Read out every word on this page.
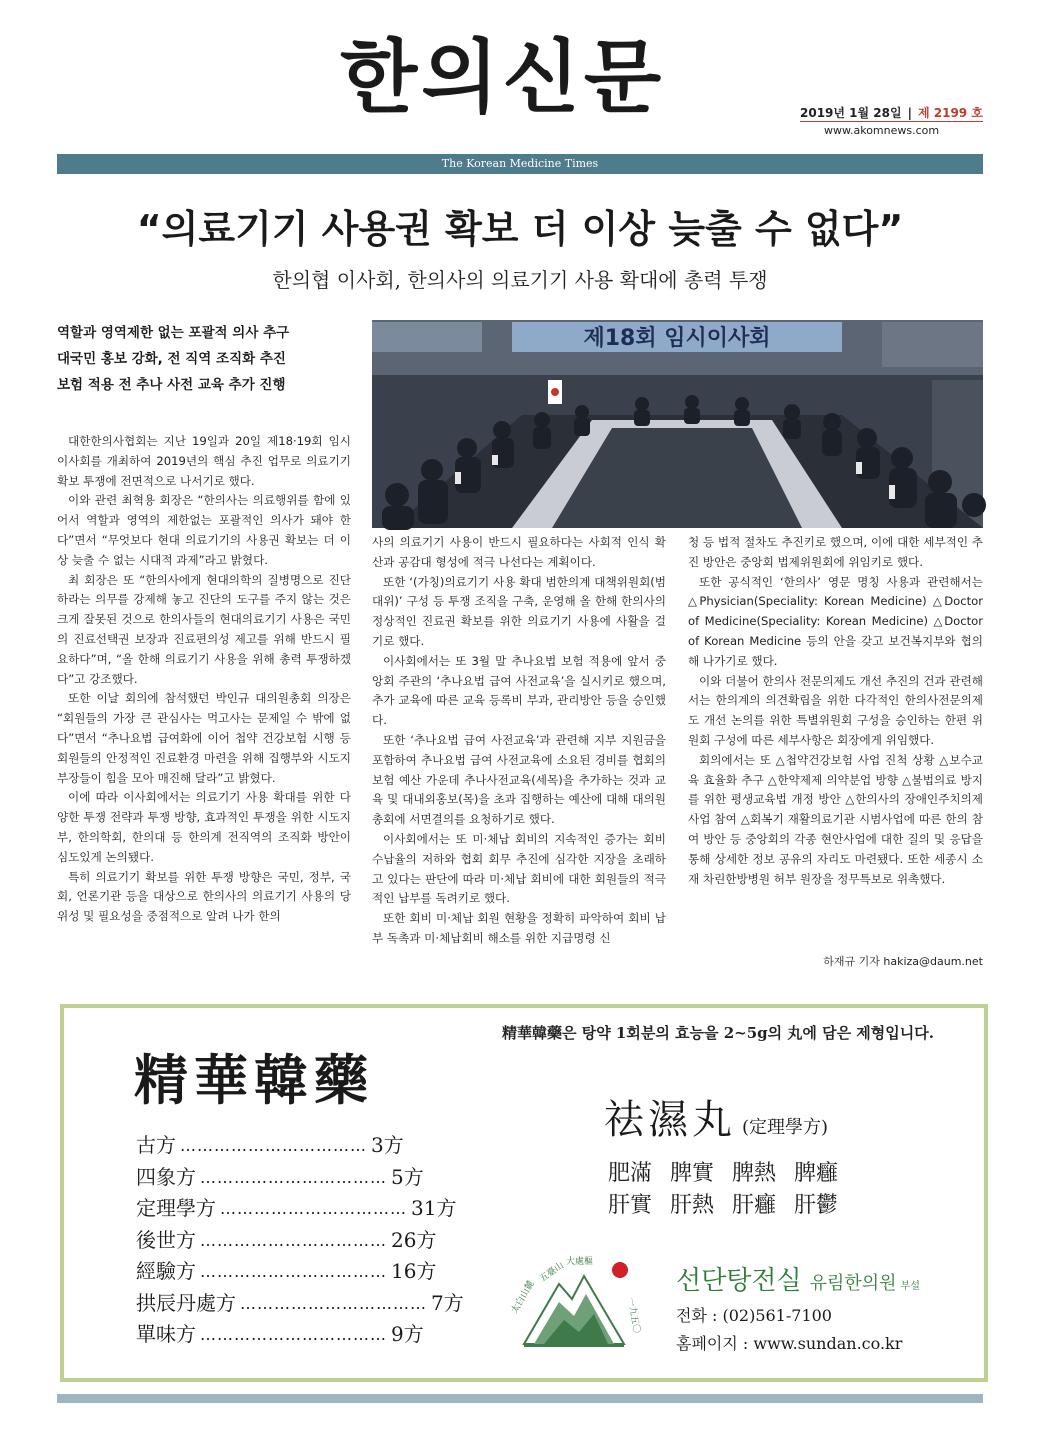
한의신문	2019년 1월 28일 | 제 2199 호
www.akomnews.com
The Korean Medicine Times
“의료기기 사용권 확보 더 이상 늦출 수 없다”
한의협 이사회, 한의사의 의료기기 사용 확대에 총력 투쟁
역할과 영역제한 없는 포괄적 의사 추구
대국민 홍보 강화, 전 직역 조직화 추진
보험 적용 전 추나 사전 교육 추가 진행
제18회 임시이사회

대한한의사협회는 지난 19일과 20일 제18·19회 임시 이사회를 개최하여 2019년의 핵심 추진 업무로 의료기기 확보 투쟁에 전면적으로 나서기로 했다.

이와 관련 최혁용 회장은 “한의사는 의료행위를 함에 있어서 역할과 영역의 제한없는 포괄적인 의사가 돼야 한다”면서 “무엇보다 현대 의료기기의 사용권 확보는 더 이상 늦출 수 없는 시대적 과제”라고 밝혔다.

최 회장은 또 “한의사에게 현대의학의 질병명으로 진단하라는 의무를 강제해 놓고 진단의 도구를 주지 않는 것은 크게 잘못된 것으로 한의사들의 현대의료기기 사용은 국민의 진료선택권 보장과 진료편의성 제고를 위해 반드시 필요하다”며, “올 한해 의료기기 사용을 위해 총력 투쟁하겠다”고 강조했다.

또한 이날 회의에 참석했던 박인규 대의원총회 의장은 “회원들의 가장 큰 관심사는 먹고사는 문제일 수 밖에 없다”면서 “추나요법 급여화에 이어 첩약 건강보험 시행 등 회원들의 안정적인 진료환경 마련을 위해 집행부와 시도지부장들이 힘을 모아 매진해 달라”고 밝혔다.

이에 따라 이사회에서는 의료기기 사용 확대를 위한 다양한 투쟁 전략과 투쟁 방향, 효과적인 투쟁을 위한 시도지부, 한의학회, 한의대 등 한의계 전직역의 조직화 방안이 심도있게 논의됐다.

특히 의료기기 확보를 위한 투쟁 방향은 국민, 정부, 국회, 언론기관 등을 대상으로 한의사의 의료기기 사용의 당위성 및 필요성을 중점적으로 알려 나가 한의

사의 의료기기 사용이 반드시 필요하다는 사회적 인식 확산과 공감대 형성에 적극 나선다는 계획이다.

또한 ‘(가칭)의료기기 사용 확대 범한의계 대책위원회(범대위)’ 구성 등 투쟁 조직을 구축, 운영해 올 한해 한의사의 정상적인 진료권 확보를 위한 의료기기 사용에 사활을 걸기로 했다.

이사회에서는 또 3월 말 추나요법 보험 적용에 앞서 중앙회 주관의 ‘추나요법 급여 사전교육’을 실시키로 했으며, 추가 교육에 따른 교육 등록비 부과, 관리방안 등을 승인했다.

또한 ‘추나요법 급여 사전교육’과 관련해 지부 지원금을 포함하여 추나요법 급여 사전교육에 소요된 경비를 협회의 보험 예산 가운데 추나사전교육(세목)을 추가하는 것과 교육 및 대내외홍보(목)을 초과 집행하는 예산에 대해 대의원총회에 서면결의를 요청하기로 했다.

이사회에서는 또 미·체납 회비의 지속적인 증가는 회비 수납율의 저하와 협회 회무 추진에 심각한 지장을 초래하고 있다는 판단에 따라 미·체납 회비에 대한 회원들의 적극적인 납부를 독려키로 했다.

또한 회비 미·체납 회원 현황을 정확히 파악하여 회비 납부 독촉과 미·체납회비 해소를 위한 지급명령 신

청 등 법적 절차도 추진키로 했으며, 이에 대한 세부적인 추진 방안은 중앙회 법제위원회에 위임키로 했다.

또한 공식적인 ‘한의사’ 영문 명칭 사용과 관련해서는 △Physician(Speciality: Korean Medicine) △Doctor of Medicine(Speciality: Korean Medicine) △Doctor of Korean Medicine 등의 안을 갖고 보건복지부와 협의해 나가기로 했다.

이와 더불어 한의사 전문의제도 개선 추진의 건과 관련해서는 한의계의 의견확립을 위한 다각적인 한의사전문의제도 개선 논의를 위한 특별위원회 구성을 승인하는 한편 위원회 구성에 따른 세부사항은 회장에게 위임했다.

회의에서는 또 △첩약건강보험 사업 진척 상황 △보수교육 효율화 추구 △한약제제 의약분업 방향 △불법의료 방지를 위한 평생교육법 개정 방안 △한의사의 장애인주치의제 사업 참여 △회복기 재활의료기관 시범사업에 따른 한의 참여 방안 등 중앙회의 각종 현안사업에 대한 질의 및 응답을 통해 상세한 정보 공유의 자리도 마련됐다. 또한 세종시 소재 차린한방병원 허부 원장을 정무특보로 위촉했다.

하재규 기자 hakiza@daum.net
精華韓藥은 탕약 1회분의 효능을 2~5g의 丸에 담은 제형입니다.
精華韓藥
古方 …………………………… 3方
四象方 …………………………… 5方
定理學方 …………………………… 31方
後世方 …………………………… 26方
經驗方 …………………………… 16方
拱辰丹處方 …………………………… 7方
單味方 …………………………… 9方
祛濕丸 (定理學方)
肥滿 脾實 脾熱 脾癰
肝實 肝熱 肝癰 肝鬱
太白山麓
五臺山 大處樞
一九五〇
선단탕전실 유림한의원 부설
전화 : (02)561-7100
홈페이지 : www.sundan.co.kr
